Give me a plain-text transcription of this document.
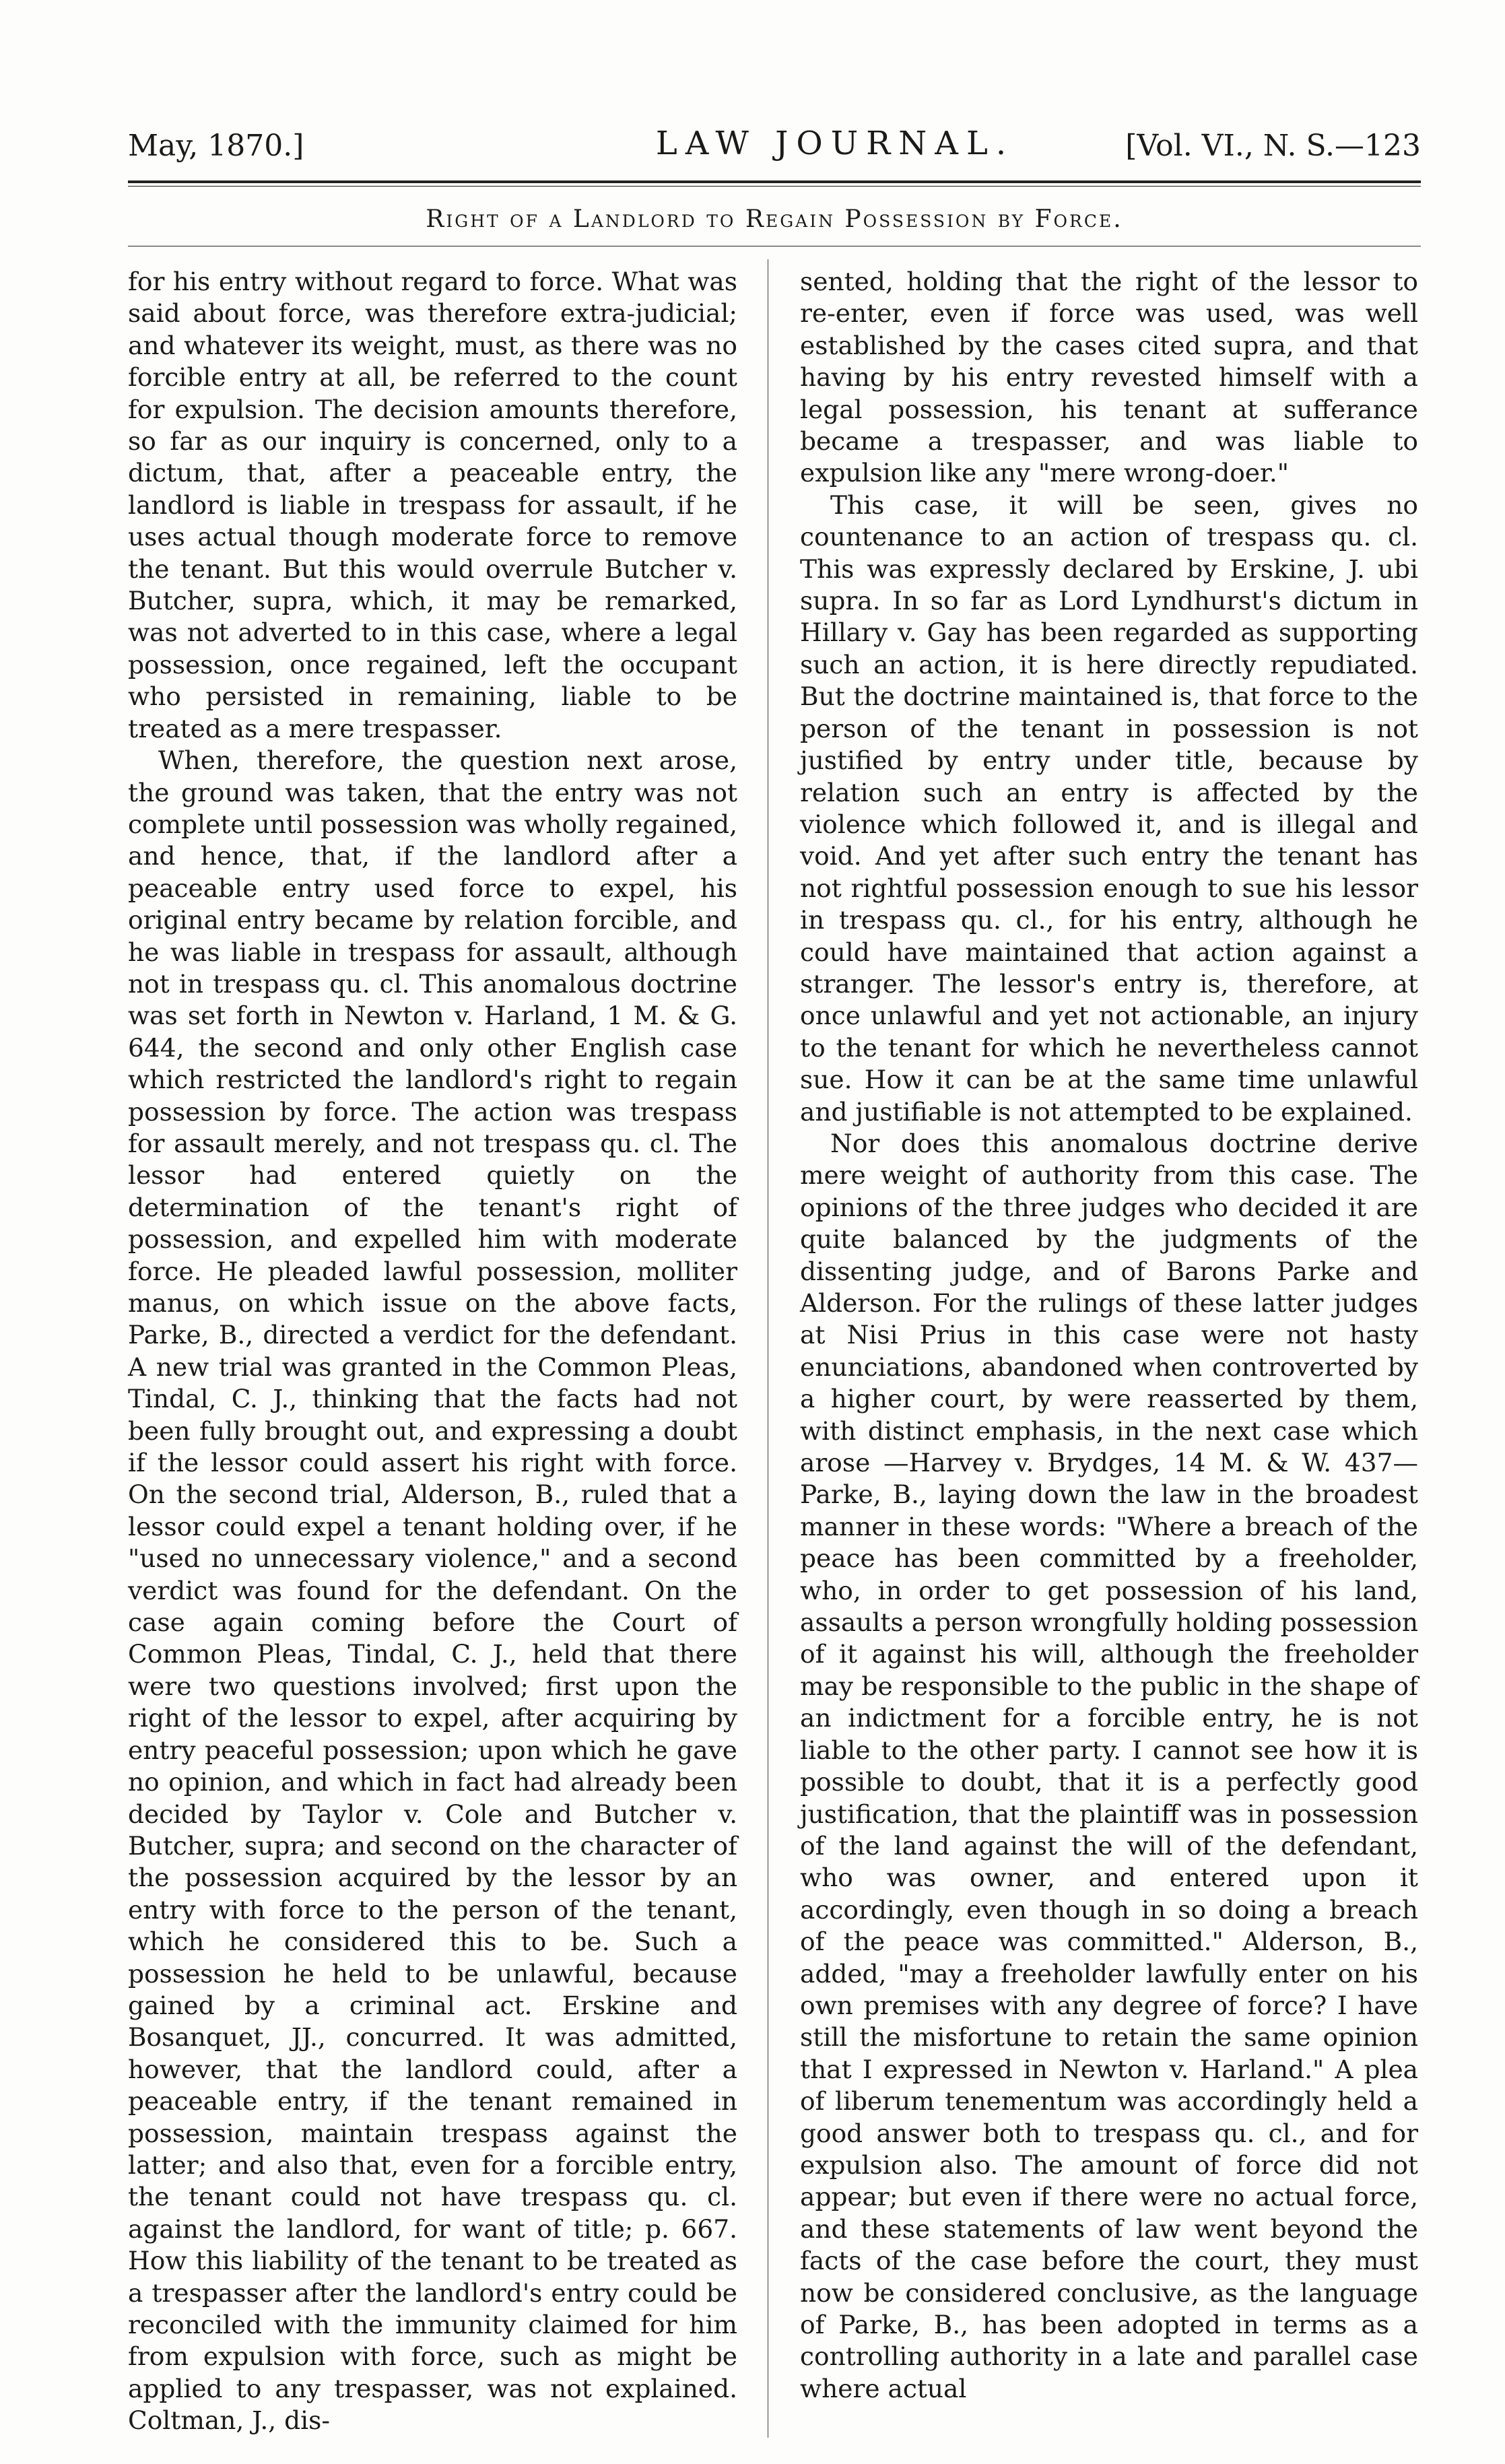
May, 1870.]	LAW JOURNAL.	[Vol. VI., N. S.—123
Right of a Landlord to Regain Possession by Force.

for his entry without regard to force. What was said about force, was therefore extra-judicial; and whatever its weight, must, as there was no forcible entry at all, be referred to the count for expulsion. The decision amounts therefore, so far as our inquiry is concerned, only to a dictum, that, after a peaceable entry, the landlord is liable in trespass for assault, if he uses actual though moderate force to remove the tenant. But this would overrule Butcher v. Butcher, supra, which, it may be remarked, was not adverted to in this case, where a legal possession, once regained, left the occupant who persisted in remaining, liable to be treated as a mere trespasser.

When, therefore, the question next arose, the ground was taken, that the entry was not complete until possession was wholly regained, and hence, that, if the landlord after a peaceable entry used force to expel, his original entry became by relation forcible, and he was liable in trespass for assault, although not in trespass qu. cl. This anomalous doctrine was set forth in Newton v. Harland, 1 M. & G. 644, the second and only other English case which restricted the landlord's right to regain possession by force. The action was trespass for assault merely, and not trespass qu. cl. The lessor had entered quietly on the determination of the tenant's right of possession, and expelled him with moderate force. He pleaded lawful possession, molliter manus, on which issue on the above facts, Parke, B., directed a verdict for the defendant. A new trial was granted in the Common Pleas, Tindal, C. J., thinking that the facts had not been fully brought out, and expressing a doubt if the lessor could assert his right with force. On the second trial, Alderson, B., ruled that a lessor could expel a tenant holding over, if he "used no unnecessary violence," and a second verdict was found for the defendant. On the case again coming before the Court of Common Pleas, Tindal, C. J., held that there were two questions involved; first upon the right of the lessor to expel, after acquiring by entry peaceful possession; upon which he gave no opinion, and which in fact had already been decided by Taylor v. Cole and Butcher v. Butcher, supra; and second on the character of the possession acquired by the lessor by an entry with force to the person of the tenant, which he considered this to be. Such a possession he held to be unlawful, because gained by a criminal act. Erskine and Bosanquet, JJ., concurred. It was admitted, however, that the landlord could, after a peaceable entry, if the tenant remained in possession, maintain trespass against the latter; and also that, even for a forcible entry, the tenant could not have trespass qu. cl. against the landlord, for want of title; p. 667. How this liability of the tenant to be treated as a trespasser after the landlord's entry could be reconciled with the immunity claimed for him from expulsion with force, such as might be applied to any trespasser, was not explained. Coltman, J., dis-

sented, holding that the right of the lessor to re-enter, even if force was used, was well established by the cases cited supra, and that having by his entry revested himself with a legal possession, his tenant at sufferance became a trespasser, and was liable to expulsion like any "mere wrong-doer."

This case, it will be seen, gives no countenance to an action of trespass qu. cl. This was expressly declared by Erskine, J. ubi supra. In so far as Lord Lyndhurst's dictum in Hillary v. Gay has been regarded as supporting such an action, it is here directly repudiated. But the doctrine maintained is, that force to the person of the tenant in possession is not justified by entry under title, because by relation such an entry is affected by the violence which followed it, and is illegal and void. And yet after such entry the tenant has not rightful possession enough to sue his lessor in trespass qu. cl., for his entry, although he could have maintained that action against a stranger. The lessor's entry is, therefore, at once unlawful and yet not actionable, an injury to the tenant for which he nevertheless cannot sue. How it can be at the same time unlawful and justifiable is not attempted to be explained.

Nor does this anomalous doctrine derive mere weight of authority from this case. The opinions of the three judges who decided it are quite balanced by the judgments of the dissenting judge, and of Barons Parke and Alderson. For the rulings of these latter judges at Nisi Prius in this case were not hasty enunciations, abandoned when controverted by a higher court, by were reasserted by them, with distinct emphasis, in the next case which arose —Harvey v. Brydges, 14 M. & W. 437—Parke, B., laying down the law in the broadest manner in these words: "Where a breach of the peace has been committed by a freeholder, who, in order to get possession of his land, assaults a person wrongfully holding possession of it against his will, although the freeholder may be responsible to the public in the shape of an indictment for a forcible entry, he is not liable to the other party. I cannot see how it is possible to doubt, that it is a perfectly good justification, that the plaintiff was in possession of the land against the will of the defendant, who was owner, and entered upon it accordingly, even though in so doing a breach of the peace was committed." Alderson, B., added, "may a freeholder lawfully enter on his own premises with any degree of force? I have still the misfortune to retain the same opinion that I expressed in Newton v. Harland." A plea of liberum tenementum was accordingly held a good answer both to trespass qu. cl., and for expulsion also. The amount of force did not appear; but even if there were no actual force, and these statements of law went beyond the facts of the case before the court, they must now be considered conclusive, as the language of Parke, B., has been adopted in terms as a controlling authority in a late and parallel case where actual
